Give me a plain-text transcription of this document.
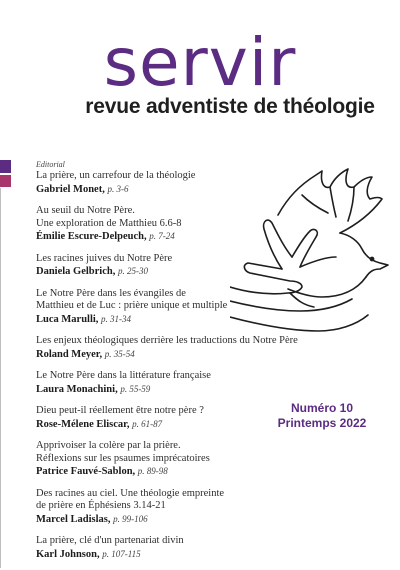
servir
revue adventiste de théologie
Editorial
La prière, un carrefour de la théologie
Gabriel Monet, p. 3-6
Au seuil du Notre Père.
Une exploration de Matthieu 6.6-8
Émilie Escure-Delpeuch, p. 7-24
Les racines juives du Notre Père
Daniela Gelbrich, p. 25-30
Le Notre Père dans les évangiles de
Matthieu et de Luc : prière unique et multiple
Luca Marulli, p. 31-34
Les enjeux théologiques derrière les traductions du Notre Père
Roland Meyer, p. 35-54
Le Notre Père dans la littérature française
Laura Monachini, p. 55-59
Dieu peut-il réellement être notre père ?
Rose-Mélene Eliscar, p. 61-87
Apprivoiser la colère par la prière.
Réflexions sur les psaumes imprécatoires
Patrice Fauvé-Sablon, p. 89-98
Des racines au ciel. Une théologie empreinte
de prière en Éphésiens 3.14-21
Marcel Ladislas, p. 99-106
La prière, clé d'un partenariat divin
Karl Johnson, p. 107-115
Numéro 10
Printemps 2022
